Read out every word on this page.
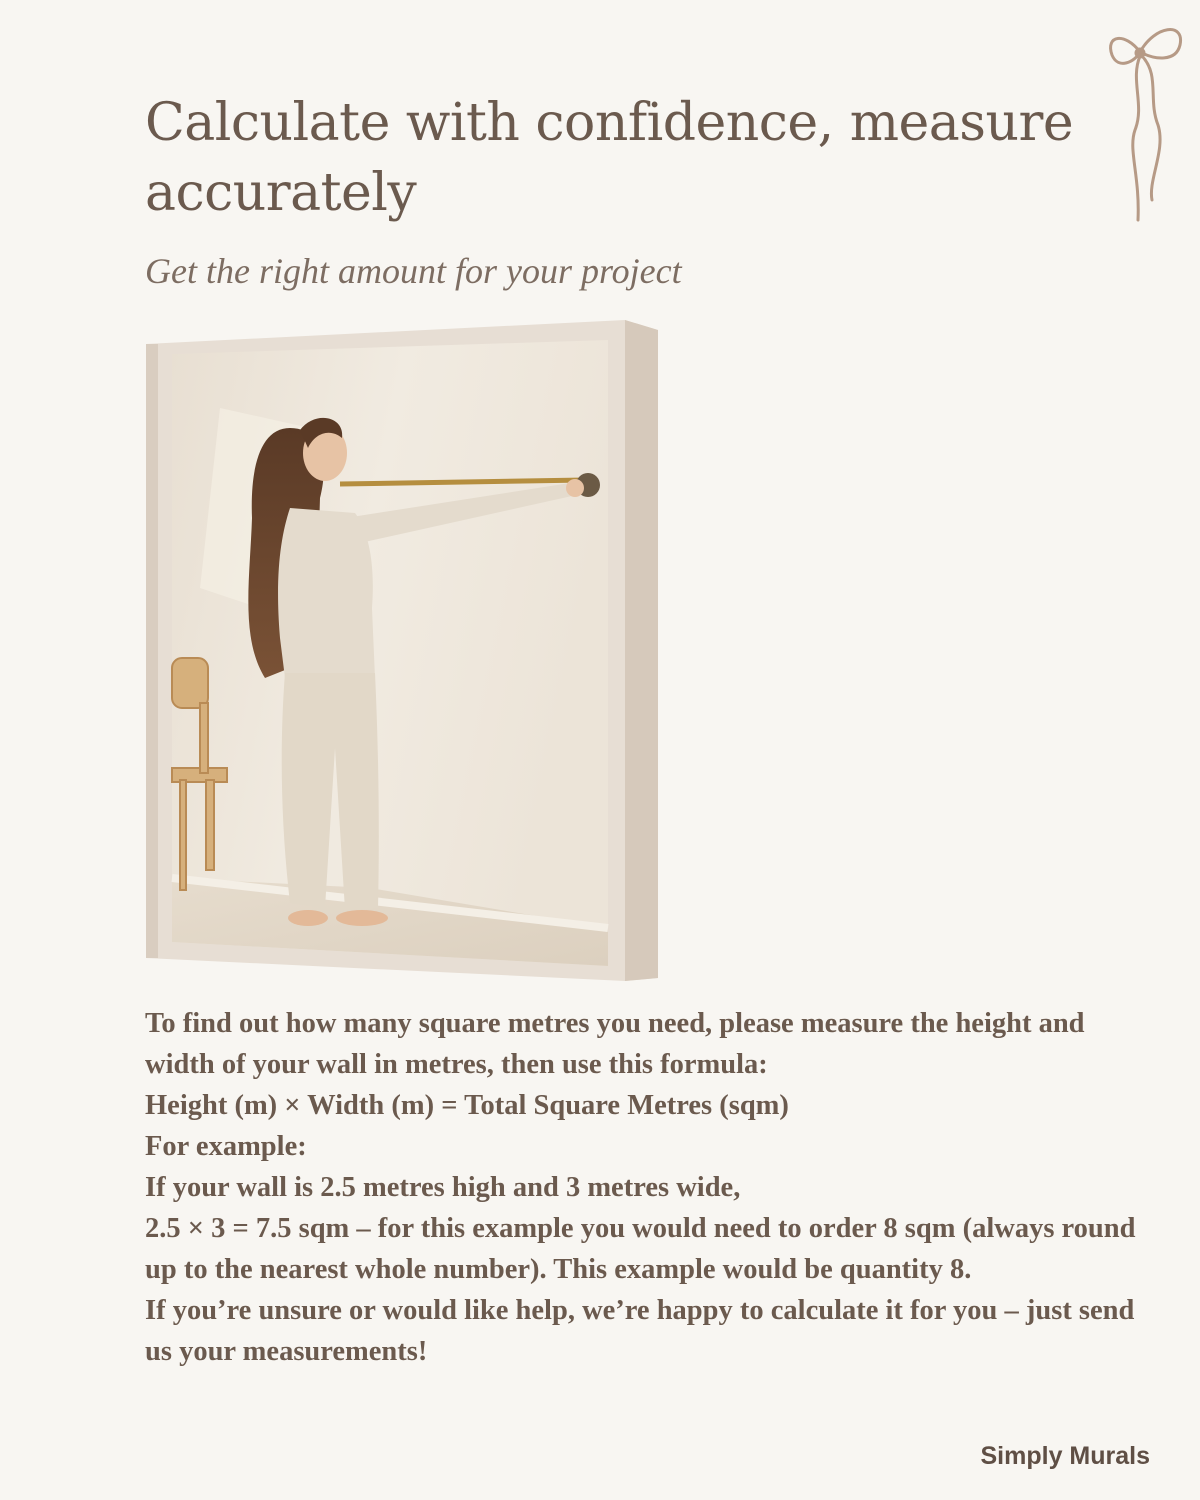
Calculate with confidence, measure accurately

Get the right amount for your project

To find out how many square metres you need, please measure the height and width of your wall in metres, then use this formula:

Height (m) × Width (m) = Total Square Metres (sqm)

For example:

If your wall is 2.5 metres high and 3 metres wide,

2.5 × 3 = 7.5 sqm – for this example you would need to order 8 sqm (always round up to the nearest whole number). This example would be quantity 8.

If you’re unsure or would like help, we’re happy to calculate it for you – just send us your measurements!

Simply Murals
